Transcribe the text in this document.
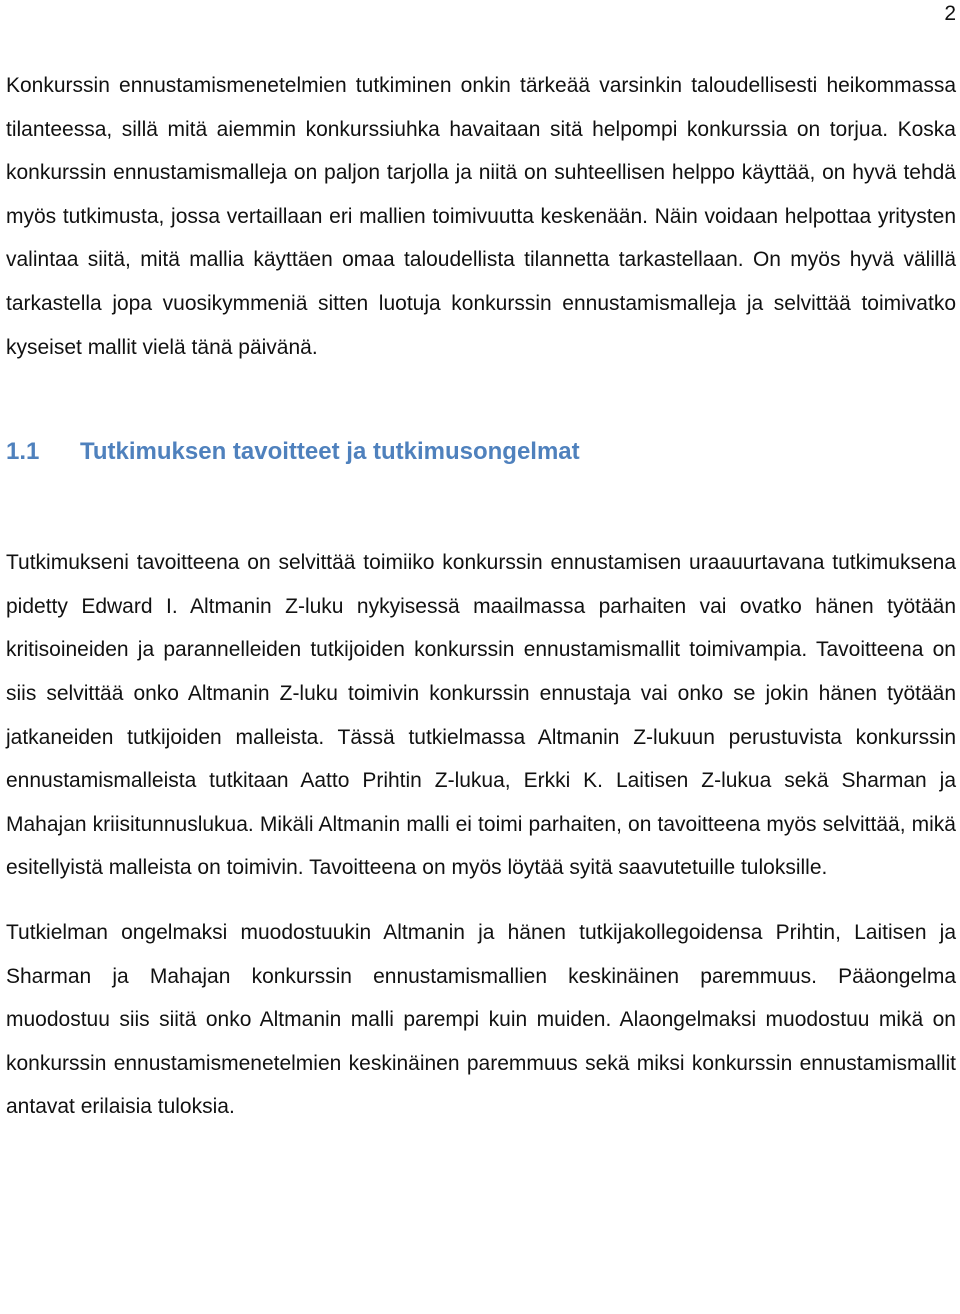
2

Konkurssin ennustamismenetelmien tutkiminen onkin tärkeää varsinkin taloudellisesti heikommassa tilanteessa, sillä mitä aiemmin konkurssiuhka havaitaan sitä helpompi konkurssia on torjua. Koska konkurssin ennustamismalleja on paljon tarjolla ja niitä on suhteellisen helppo käyttää, on hyvä tehdä myös tutkimusta, jossa vertaillaan eri mallien toimivuutta keskenään. Näin voidaan helpottaa yritysten valintaa siitä, mitä mallia käyttäen omaa taloudellista tilannetta tarkastellaan. On myös hyvä välillä tarkastella jopa vuosikymmeniä sitten luotuja konkurssin ennustamismalleja ja selvittää toimivatko kyseiset mallit vielä tänä päivänä.

1.1	Tutkimuksen tavoitteet ja tutkimusongelmat

Tutkimukseni tavoitteena on selvittää toimiiko konkurssin ennustamisen uraauurtavana tutkimuksena pidetty Edward I. Altmanin Z-luku nykyisessä maailmassa parhaiten vai ovatko hänen työtään kritisoineiden ja parannelleiden tutkijoiden konkurssin ennustamismallit toimivampia. Tavoitteena on siis selvittää onko Altmanin Z-luku toimivin konkurssin ennustaja vai onko se jokin hänen työtään jatkaneiden tutkijoiden malleista. Tässä tutkielmassa Altmanin Z-lukuun perustuvista konkurssin ennustamismalleista tutkitaan Aatto Prihtin Z-lukua, Erkki K. Laitisen Z-lukua sekä Sharman ja Mahajan kriisitunnuslukua. Mikäli Altmanin malli ei toimi parhaiten, on tavoitteena myös selvittää, mikä esitellyistä malleista on toimivin. Tavoitteena on myös löytää syitä saavutetuille tuloksille.

Tutkielman ongelmaksi muodostuukin Altmanin ja hänen tutkijakollegoidensa Prihtin, Laitisen ja Sharman ja Mahajan konkurssin ennustamismallien keskinäinen paremmuus. Pääongelma muodostuu siis siitä onko Altmanin malli parempi kuin muiden. Alaongelmaksi muodostuu mikä on konkurssin ennustamismenetelmien keskinäinen paremmuus sekä miksi konkurssin ennustamismallit antavat erilaisia tuloksia.
